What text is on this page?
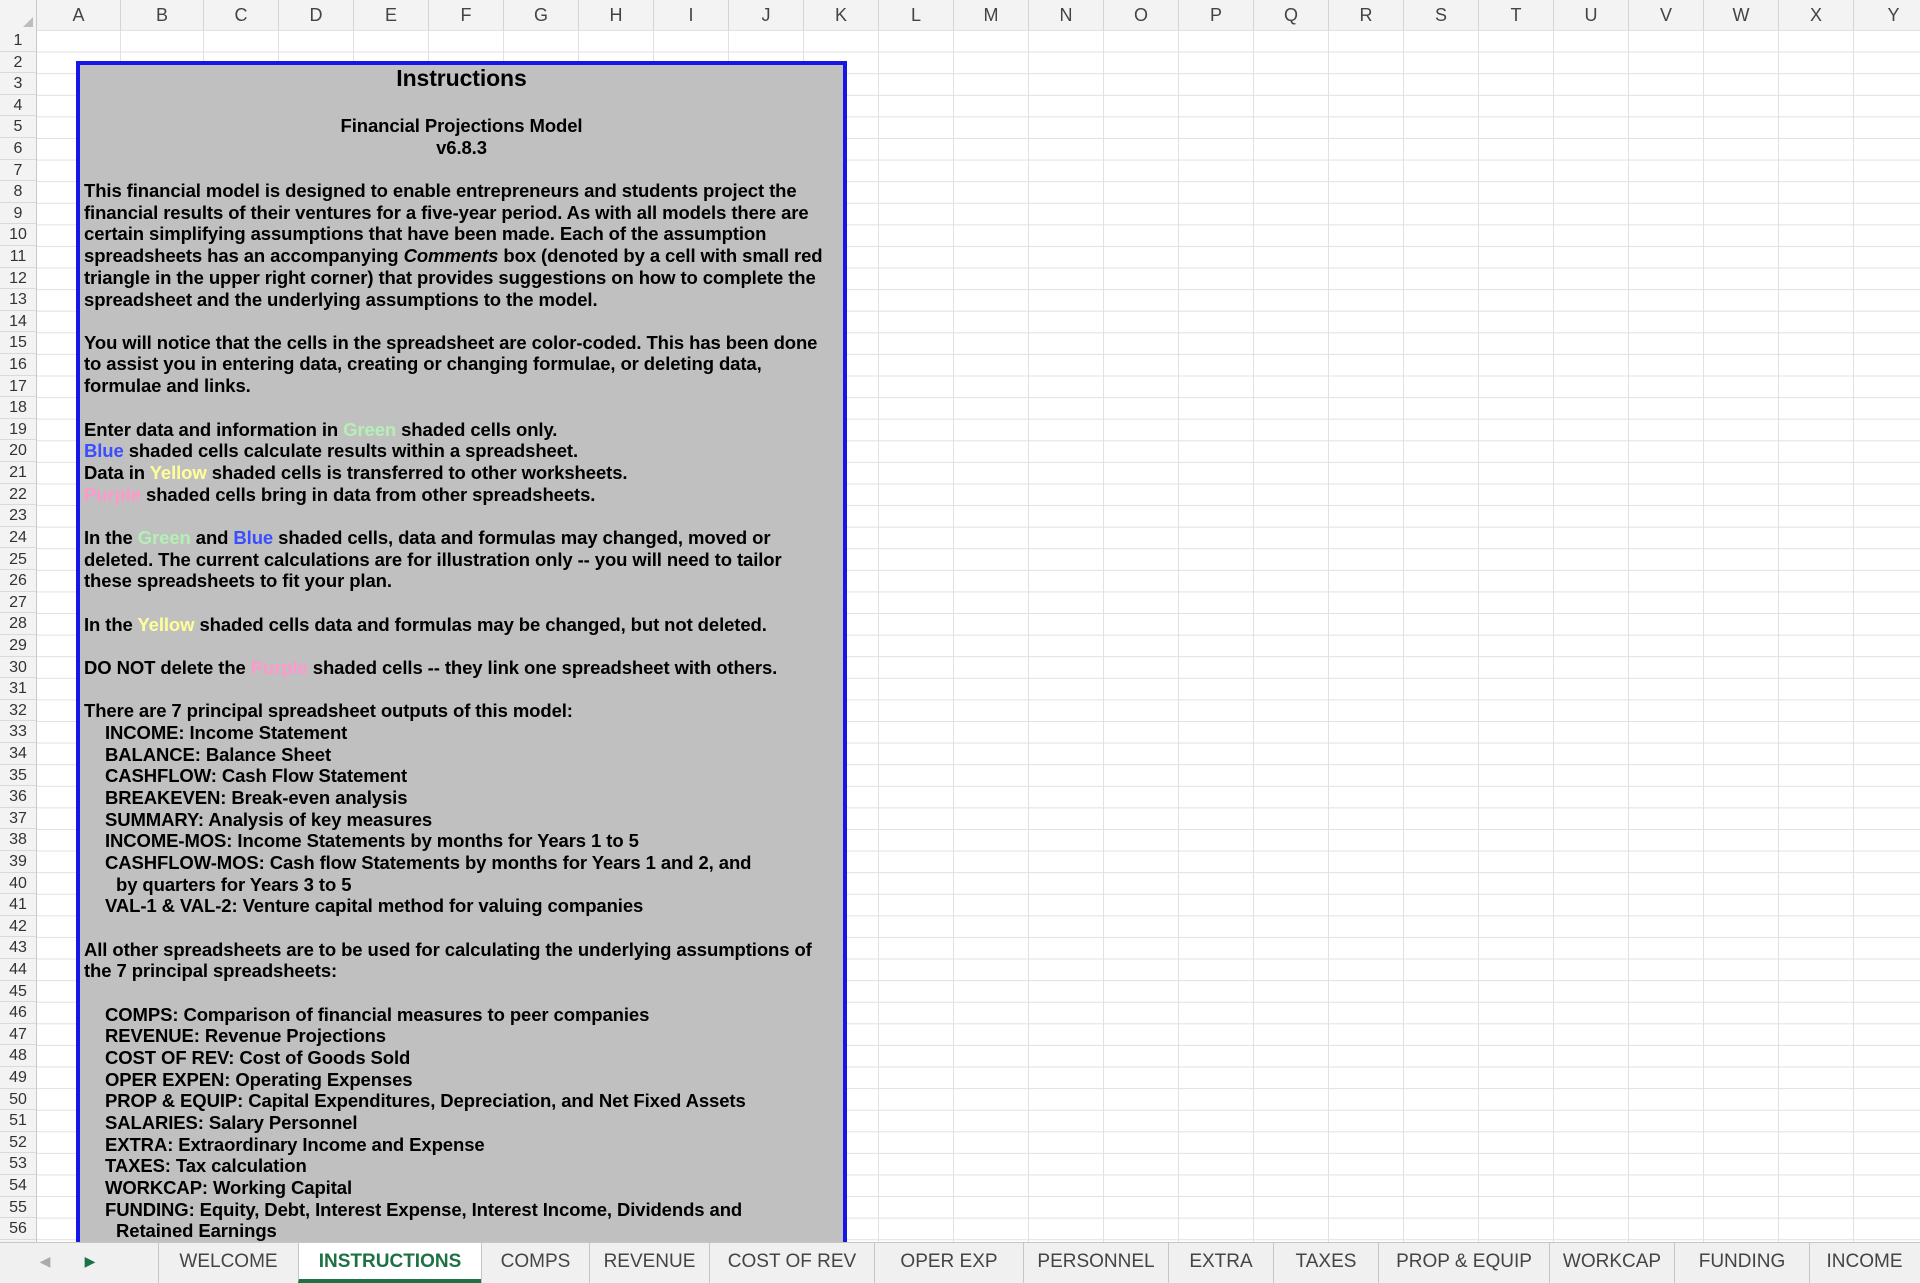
A	B	C	D	E	F	G	H	I	J	K	L	M	N	O	P	Q	R	S	T	U	V	W	X	Y
1
2
3
4
5
6
7
8
9
10
11
12
13
14
15
16
17
18
19
20
21
22
23
24
25
26
27
28
29
30
31
32
33
34
35
36
37
38
39
40
41
42
43
44
45
46
47
48
49
50
51
52
53
54
55
56
Instructions
Financial Projections Model
v6.8.3
This financial model is designed to enable entrepreneurs and students project the
financial results of their ventures for a five-year period. As with all models there are
certain simplifying assumptions that have been made. Each of the assumption
spreadsheets has an accompanying Comments box (denoted by a cell with small red
triangle in the upper right corner) that provides suggestions on how to complete the
spreadsheet and the underlying assumptions to the model.
You will notice that the cells in the spreadsheet are color-coded. This has been done
to assist you in entering data, creating or changing formulae, or deleting data,
formulae and links.
Enter data and information in Green shaded cells only.
Blue shaded cells calculate results within a spreadsheet.
Data in Yellow shaded cells is transferred to other worksheets.
Purple shaded cells bring in data from other spreadsheets.
In the Green and Blue shaded cells, data and formulas may changed, moved or
deleted. The current calculations are for illustration only -- you will need to tailor
these spreadsheets to fit your plan.
In the Yellow shaded cells data and formulas may be changed, but not deleted.
DO NOT delete the Purple shaded cells -- they link one spreadsheet with others.
There are 7 principal spreadsheet outputs of this model:
INCOME: Income Statement
BALANCE: Balance Sheet
CASHFLOW: Cash Flow Statement
BREAKEVEN: Break-even analysis
SUMMARY: Analysis of key measures
INCOME-MOS: Income Statements by months for Years 1 to 5
CASHFLOW-MOS: Cash flow Statements by months for Years 1 and 2, and
by quarters for Years 3 to 5
VAL-1 & VAL-2: Venture capital method for valuing companies
All other spreadsheets are to be used for calculating the underlying assumptions of
the 7 principal spreadsheets:
COMPS: Comparison of financial measures to peer companies
REVENUE: Revenue Projections
COST OF REV: Cost of Goods Sold
OPER EXPEN: Operating Expenses
PROP & EQUIP: Capital Expenditures, Depreciation, and Net Fixed Assets
SALARIES: Salary Personnel
EXTRA: Extraordinary Income and Expense
TAXES: Tax calculation
WORKCAP: Working Capital
FUNDING: Equity, Debt, Interest Expense, Interest Income, Dividends and
Retained Earnings
◀	▶	WELCOME	INSTRUCTIONS	COMPS	REVENUE	COST OF REV	OPER EXP	PERSONNEL	EXTRA	TAXES	PROP & EQUIP	WORKCAP	FUNDING	INCOME
